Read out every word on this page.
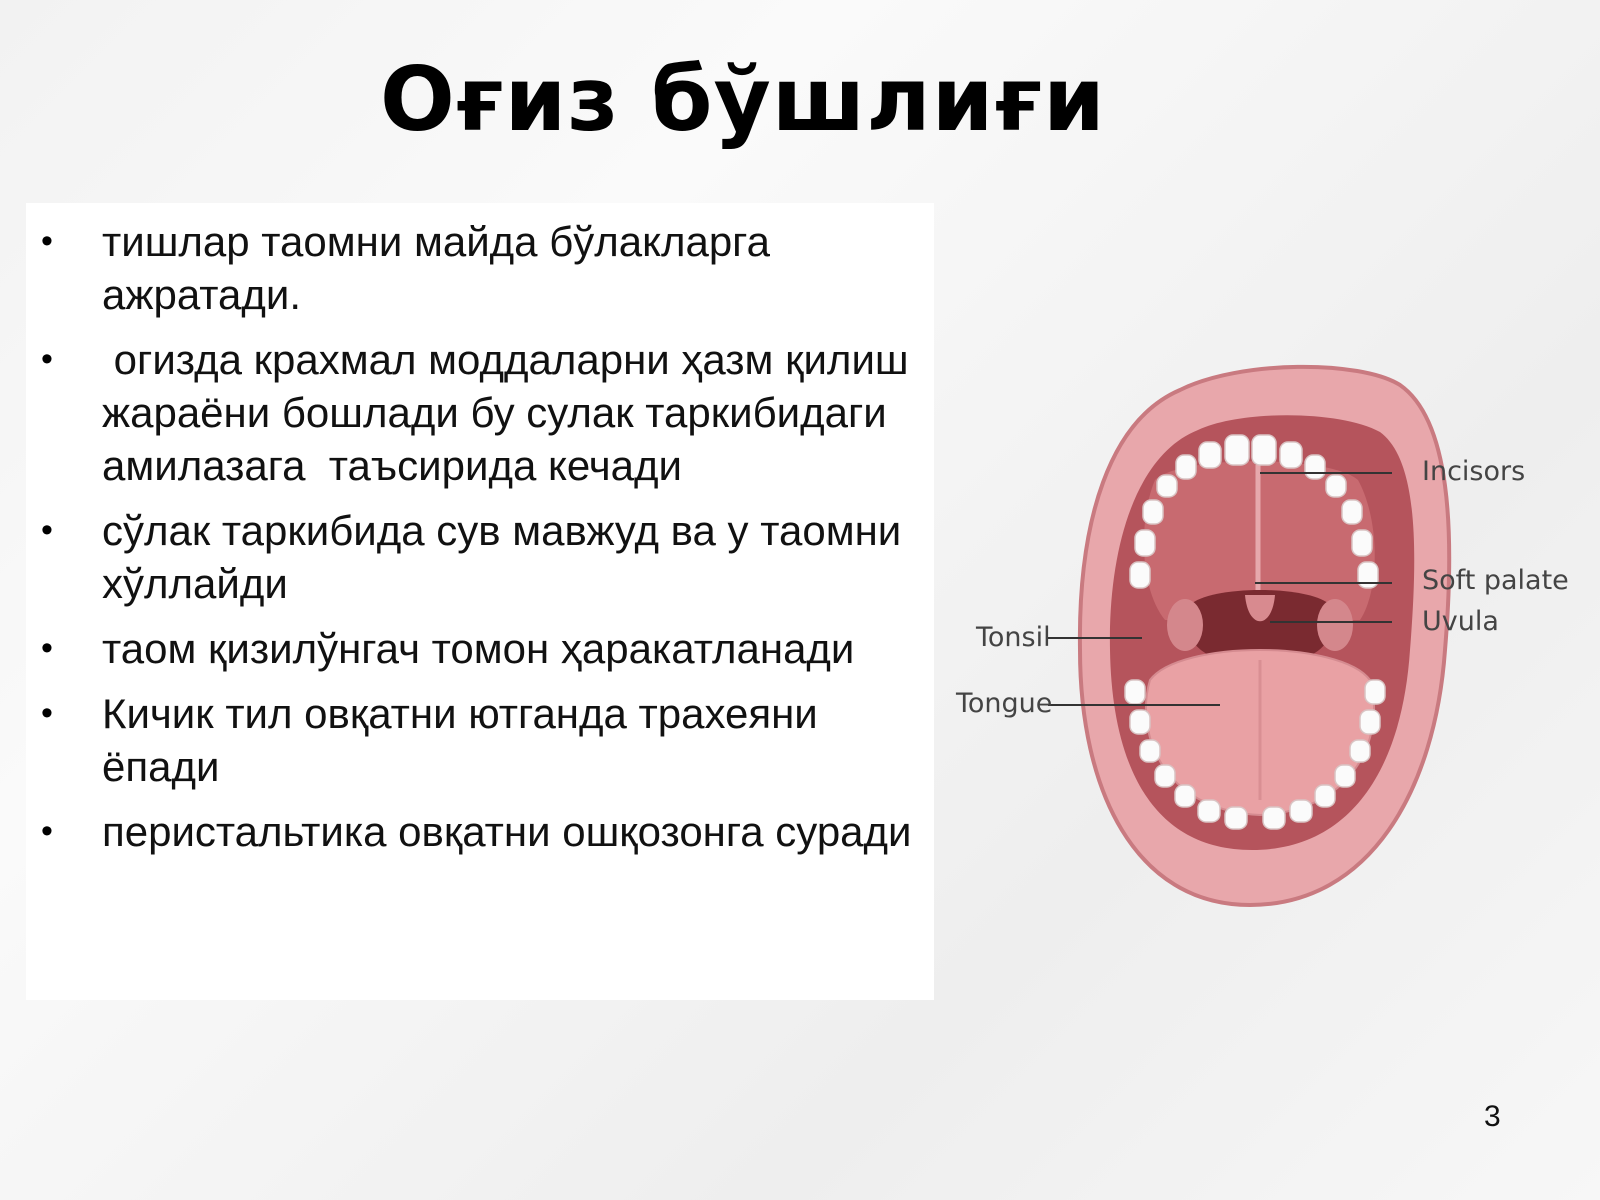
Оғиз бўшлиғи
• тишлар таомни майда бўлакларга ажратади.
• огизда крахмал моддаларни ҳазм қилиш жараёни бошлади бу сулак таркибидаги амилазага  таъсирида кечади
• сўлак таркибида сув мавжуд ва у таомни хўллайди
• таом қизилўнгач томон ҳаракатланади
• Кичик тил овқатни ютганда трахеяни ёпади
• перистальтика овқатни ошқозонга суради
Incisors
Soft palate
Uvula
Tonsil
Tongue
3
